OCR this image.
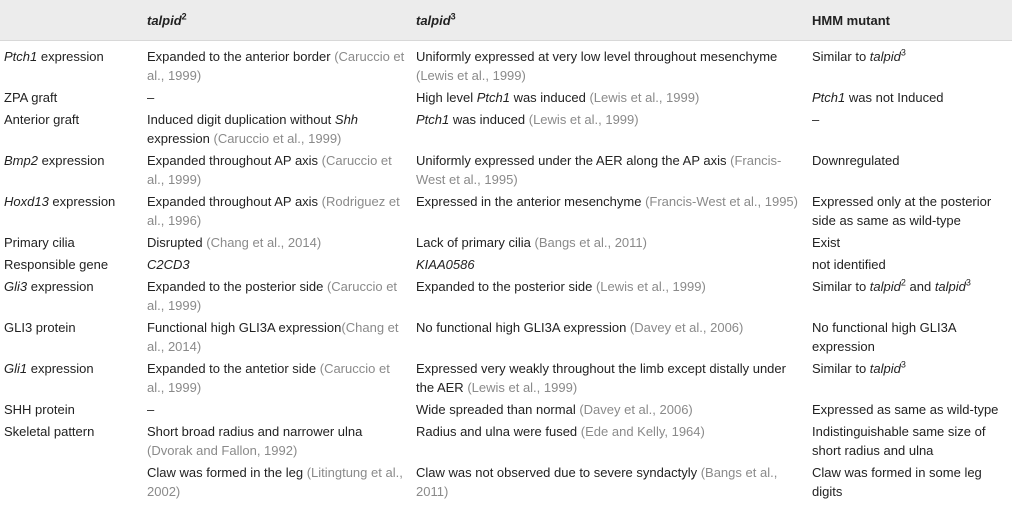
	talpid$^2$	talpid$^3$	HMM mutant
Ptch1 expression	Expanded to the anterior border (Caruccio et al., 1999)	Uniformly expressed at very low level throughout mesenchyme (Lewis et al., 1999)	Similar to talpid$^3$
ZPA graft	–	High level Ptch1 was induced (Lewis et al., 1999)	Ptch1 was not Induced
Anterior graft	Induced digit duplication without Shh expression (Caruccio et al., 1999)	Ptch1 was induced (Lewis et al., 1999)	–
Bmp2 expression	Expanded throughout AP axis (Caruccio et al., 1999)	Uniformly expressed under the AER along the AP axis (Francis-West et al., 1995)	Downregulated
Hoxd13 expression	Expanded throughout AP axis (Rodriguez et al., 1996)	Expressed in the anterior mesenchyme (Francis-West et al., 1995)	Expressed only at the posterior side as same as wild-type
Primary cilia	Disrupted (Chang et al., 2014)	Lack of primary cilia (Bangs et al., 2011)	Exist
Responsible gene	C2CD3	KIAA0586	not identified
Gli3 expression	Expanded to the posterior side (Caruccio et al., 1999)	Expanded to the posterior side (Lewis et al., 1999)	Similar to talpid$^2$ and talpid$^3$
GLI3 protein	Functional high GLI3A expression(Chang et al., 2014)	No functional high GLI3A expression (Davey et al., 2006)	No functional high GLI3A expression
Gli1 expression	Expanded to the antetior side (Caruccio et al., 1999)	Expressed very weakly throughout the limb except distally under the AER (Lewis et al., 1999)	Similar to talpid$^3$
SHH protein	–	Wide spreaded than normal (Davey et al., 2006)	Expressed as same as wild-type
Skeletal pattern	Short broad radius and narrower ulna (Dvorak and Fallon, 1992)	Radius and ulna were fused (Ede and Kelly, 1964)	Indistinguishable same size of short radius and ulna
	Claw was formed in the leg (Litingtung et al., 2002)	Claw was not observed due to severe syndactyly (Bangs et al., 2011)	Claw was formed in some leg digits
